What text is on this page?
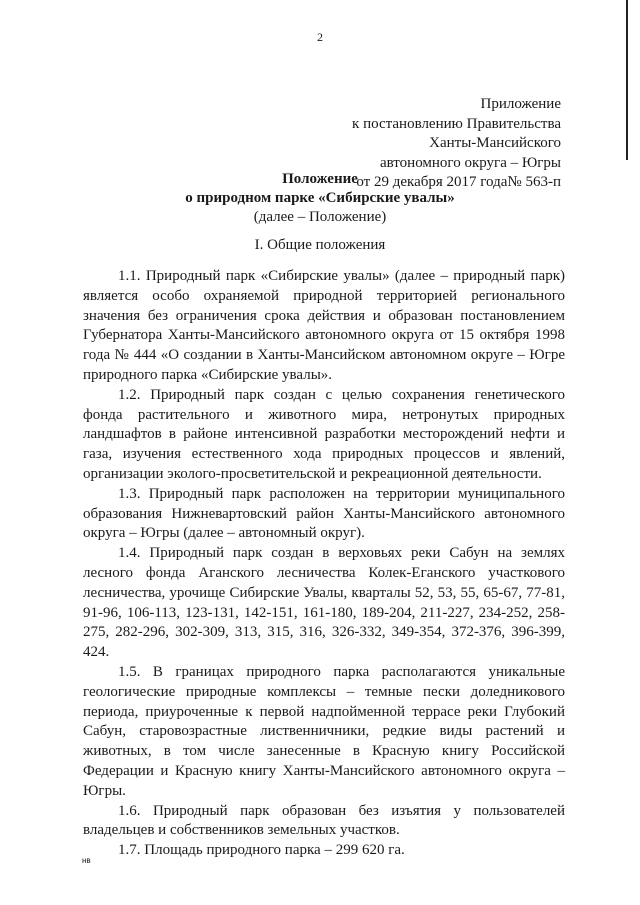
2
Приложение
к постановлению Правительства
Ханты-Мансийского
автономного округа – Югры
от 29 декабря 2017 года№ 563-п
Положение
о природном парке «Сибирские увалы»
(далее – Положение)
I. Общие положения

1.1. Природный парк «Сибирские увалы» (далее – природный парк) является особо охраняемой природной территорией регионального значения без ограничения срока действия и образован постановлением Губернатора Ханты-Мансийского автономного округа от 15 октября 1998 года № 444 «О создании в Ханты-Мансийском автономном округе – Югре природного парка «Сибирские увалы».

1.2. Природный парк создан с целью сохранения генетического фонда растительного и животного мира, нетронутых природных ландшафтов в районе интенсивной разработки месторождений нефти и газа, изучения естественного хода природных процессов и явлений, организации эколого-просветительской и рекреационной деятельности.

1.3. Природный парк расположен на территории муниципального образования Нижневартовский район Ханты-Мансийского автономного округа – Югры (далее – автономный округ).

1.4. Природный парк создан в верховьях реки Сабун на землях лесного фонда Аганского лесничества Колек-Еганского участкового лесничества, урочище Сибирские Увалы, кварталы 52, 53, 55, 65-67, 77-81, 91-96, 106-113, 123-131, 142-151, 161-180, 189-204, 211-227, 234-252, 258-275, 282-296, 302-309, 313, 315, 316, 326-332, 349-354, 372-376, 396-399, 424.

1.5. В границах природного парка располагаются уникальные геологические природные комплексы – темные пески доледникового периода, приуроченные к первой надпойменной террасе реки Глубокий Сабун, старовозрастные лиственничники, редкие виды растений и животных, в том числе занесенные в Красную книгу Российской Федерации и Красную книгу Ханты-Мансийского автономного округа – Югры.

1.6. Природный парк образован без изъятия у пользователей владельцев и собственников земельных участков.

1.7. Площадь природного парка – 299 620 га.

нв
